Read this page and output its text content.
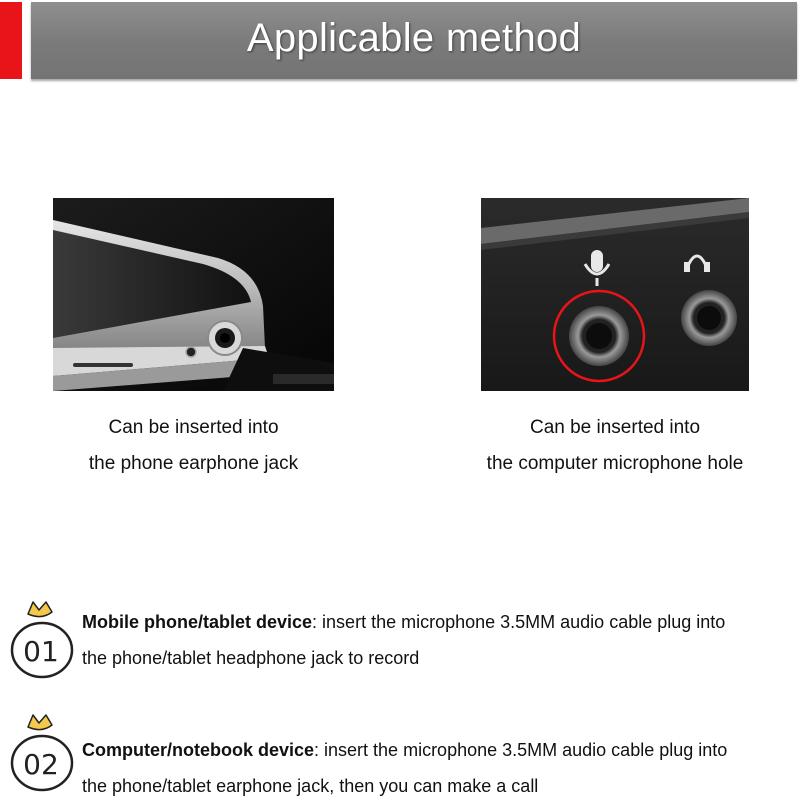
Applicable method
Can be inserted into
the phone earphone jack
Can be inserted into
the computer microphone hole
01
Mobile phone/tablet device: insert the microphone 3.5MM audio cable plug into
the phone/tablet headphone jack to record
02 Computer/notebook device: insert the microphone 3.5MM audio cable plug into
the phone/tablet earphone jack, then you can make a call
